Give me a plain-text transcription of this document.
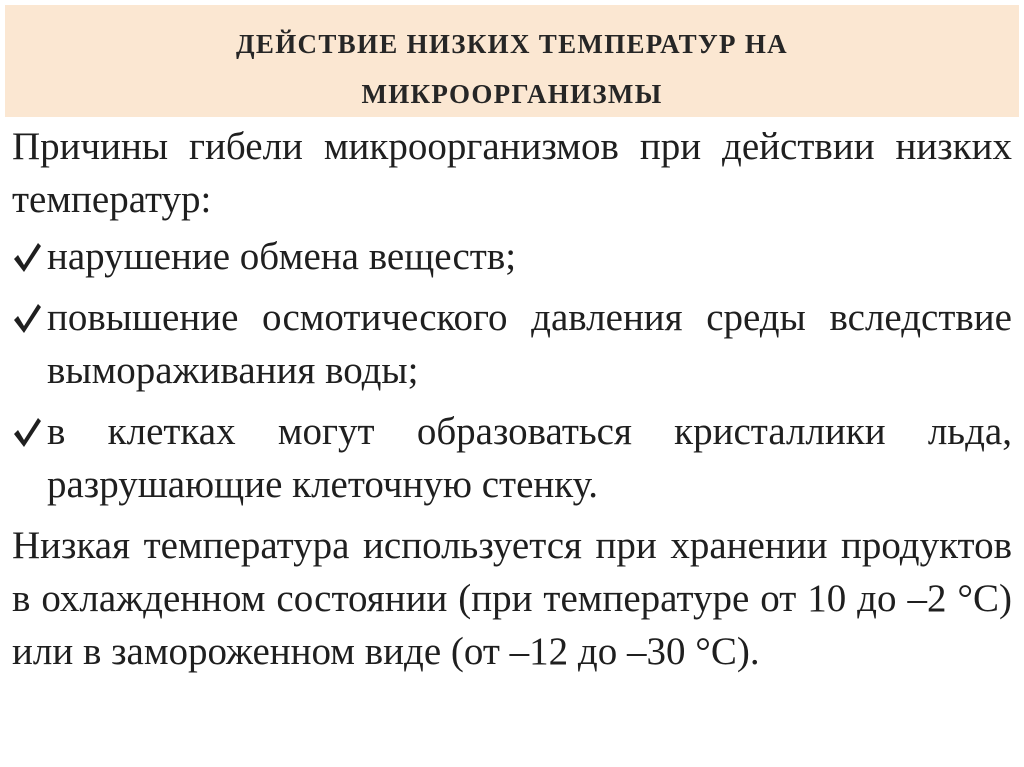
ДЕЙСТВИЕ НИЗКИХ ТЕМПЕРАТУР НА
МИКРООРГАНИЗМЫ

Причины гибели микроорганизмов при действии низких температур:

нарушение обмена веществ;
повышение осмотического давления среды вследствие вымораживания воды;
в клетках могут образоваться кристаллики льда, разрушающие клеточную стенку.

Низкая температура используется при хранении продуктов в охлажденном состоянии (при температуре от 10 до –2 °С) или в замороженном виде (от –12 до –30 °С).
